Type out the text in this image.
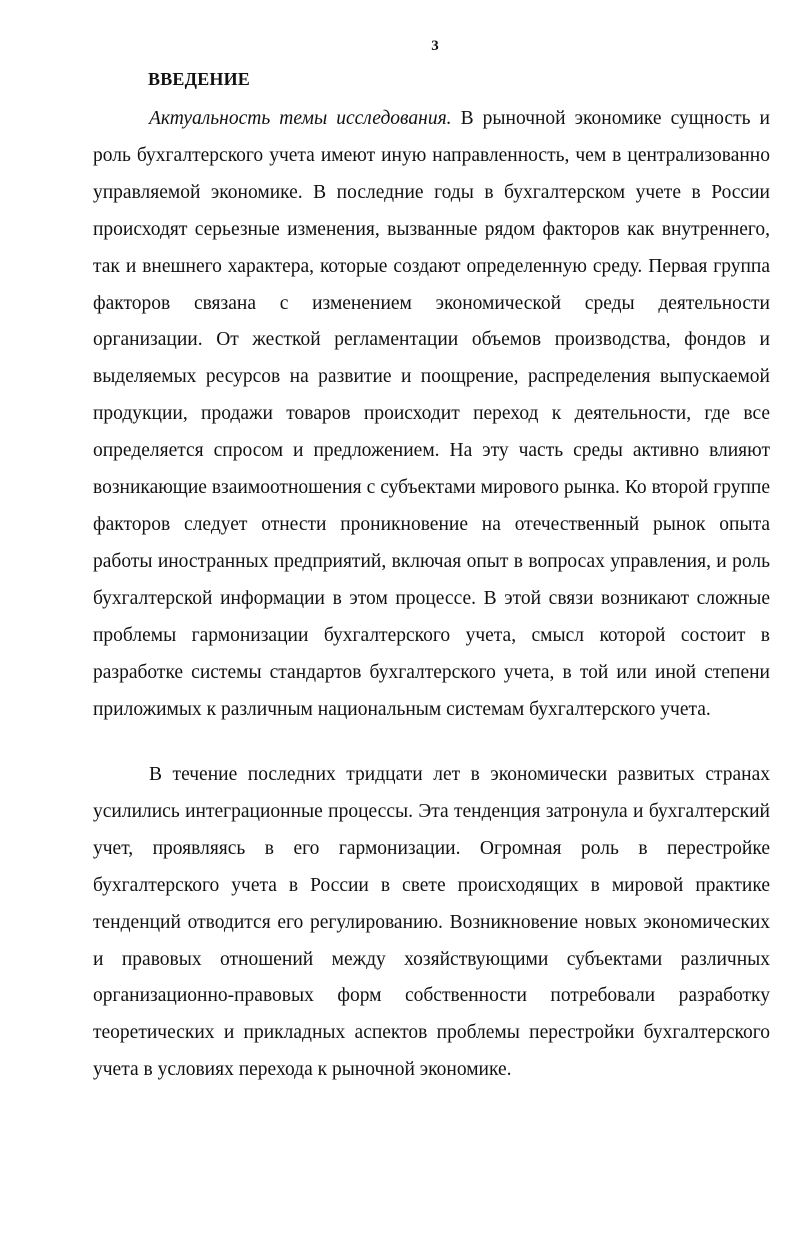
3
ВВЕДЕНИЕ

Актуальность темы исследования. В рыночной экономике сущность и роль бухгалтерского учета имеют иную направленность, чем в централизованно управляемой экономике. В последние годы в бухгалтерском учете в России происходят серьезные изменения, вызванные рядом факторов как внутреннего, так и внешнего характера, которые создают определенную среду. Первая группа факторов связана с изменением экономической среды деятельности организации. От жесткой регламентации объемов производства, фондов и выделяемых ресурсов на развитие и поощрение, распределения выпускаемой продукции, продажи товаров происходит переход к деятельности, где все определяется спросом и предложением. На эту часть среды активно влияют возникающие взаимоотношения с субъектами мирового рынка. Ко второй группе факторов следует отнести проникновение на отечественный рынок опыта работы иностранных предприятий, включая опыт в вопросах управления, и роль бухгалтерской информации в этом процессе. В этой связи возникают сложные проблемы гармонизации бухгалтерского учета, смысл которой состоит в разработке системы стандартов бухгалтерского учета, в той или иной степени приложимых к различным национальным системам бухгалтерского учета.

В течение последних тридцати лет в экономически развитых странах усилились интеграционные процессы. Эта тенденция затронула и бухгалтерский учет, проявляясь в его гармонизации. Огромная роль в перестройке бухгалтерского учета в России в свете происходящих в мировой практике тенденций отводится его регулированию. Возникновение новых экономических и правовых отношений между хозяйствующими субъектами различных организационно-правовых форм собственности потребовали разработку теоретических и прикладных аспектов проблемы перестройки бухгалтерского учета в условиях перехода к рыночной экономике.
